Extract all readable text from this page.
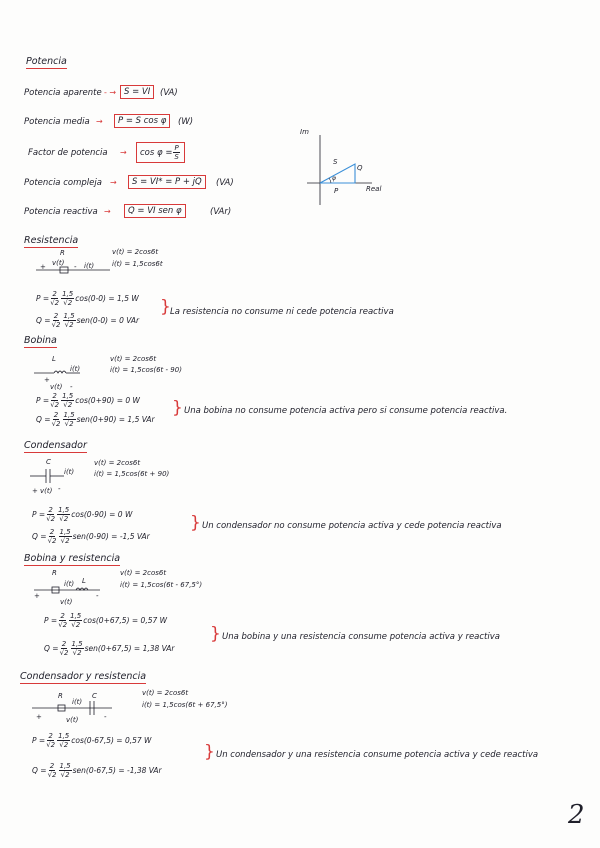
Potencia
Potencia aparente - → S = VI	(VA)
Potencia media →	P = S cos φ	(W)
Factor de potencia → $\cos \varphi = \frac{P}{S}$
Potencia compleja →	S = VI* = P + jQ	(VA)
Potencia reactiva →	Q = VI sen φ	(VAr)
Im
Real
S
Q
P
φ
Resistencia
R
v(t)	i(t)
+	-
v(t) = 2cos6t
i(t) = 1,5cos6t
$P = \frac{2}{√2} \frac{1,5}{√2} \cos(0-0) = 1,5$ W
$Q = \frac{2}{√2} \frac{1,5}{√2} sen(0-0) = 0$ VAr
} La resistencia no consume ni cede potencia reactiva
Bobina
L
i(t)
+
v(t) -
v(t) = 2cos6t
i(t) = 1,5cos(6t - 90)
$P = \frac{2}{√2} \frac{1,5}{√2} \cos(0+90) = 0$ W
$Q = \frac{2}{√2} \frac{1,5}{√2} sen(0+90) = 1,5$ VAr
} Una bobina no consume potencia activa pero si consume potencia reactiva.
Condensador
C
i(t)
+ v(t) -
v(t) = 2cos6t
i(t) = 1,5cos(6t + 90)
$P = \frac{2}{√2} \frac{1,5}{√2} \cos(0-90) = 0$ W
$Q = \frac{2}{√2} \frac{1,5}{√2} sen(0-90) = -1,5$ VAr
} Un condensador no consume potencia activa y cede potencia reactiva
Bobina y resistencia
R
L
i(t)
+
v(t)
-
v(t) = 2cos6t
i(t) = 1,5cos(6t - 67,5°)
$P = \frac{2}{√2} \frac{1,5}{√2} \cos(0+67,5) = 0,57$ W
$Q = \frac{2}{√2} \frac{1,5}{√2} sen(0+67,5) = 1,38$ VAr
} Una bobina y una resistencia consume potencia activa y reactiva
Condensador y resistencia
R	C
i(t)
+	v(t)	-
v(t) = 2cos6t
i(t) = 1,5cos(6t + 67,5°)
$P = \frac{2}{√2} \frac{1,5}{√2} \cos(0-67,5) = 0,57$ W
$Q = \frac{2}{√2} \frac{1,5}{√2} sen(0-67,5) = -1,38$ VAr
} Un condensador y una resistencia consume potencia activa y cede reactiva
2
